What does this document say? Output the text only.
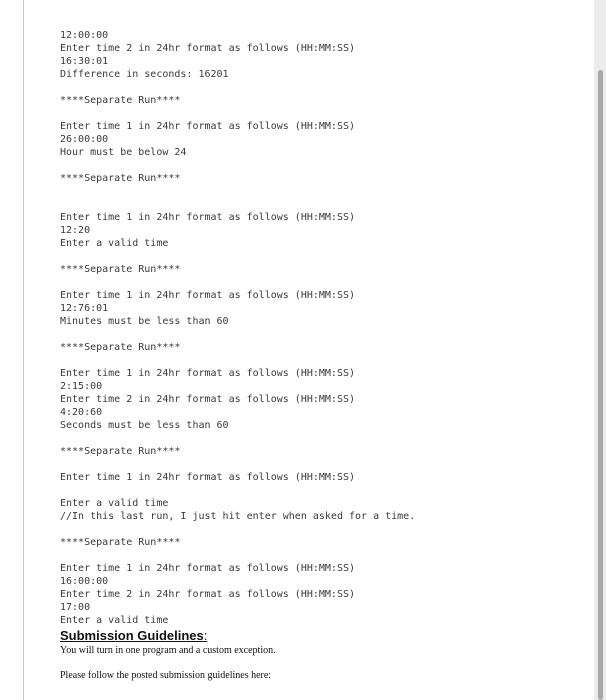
12:00:00
Enter time 2 in 24hr format as follows (HH:MM:SS)
16:30:01
Difference in seconds: 16201
****Separate Run****
Enter time 1 in 24hr format as follows (HH:MM:SS)
26:00:00
Hour must be below 24
****Separate Run****
Enter time 1 in 24hr format as follows (HH:MM:SS)
12:20
Enter a valid time
****Separate Run****
Enter time 1 in 24hr format as follows (HH:MM:SS)
12:76:01
Minutes must be less than 60
****Separate Run****
Enter time 1 in 24hr format as follows (HH:MM:SS)
2:15:00
Enter time 2 in 24hr format as follows (HH:MM:SS)
4:20:60
Seconds must be less than 60
****Separate Run****
Enter time 1 in 24hr format as follows (HH:MM:SS)
Enter a valid time
//In this last run, I just hit enter when asked for a time.
****Separate Run****
Enter time 1 in 24hr format as follows (HH:MM:SS)
16:00:00
Enter time 2 in 24hr format as follows (HH:MM:SS)
17:00
Enter a valid time
Submission Guidelines:
You will turn in one program and a custom exception.
Please follow the posted submission guidelines here:
